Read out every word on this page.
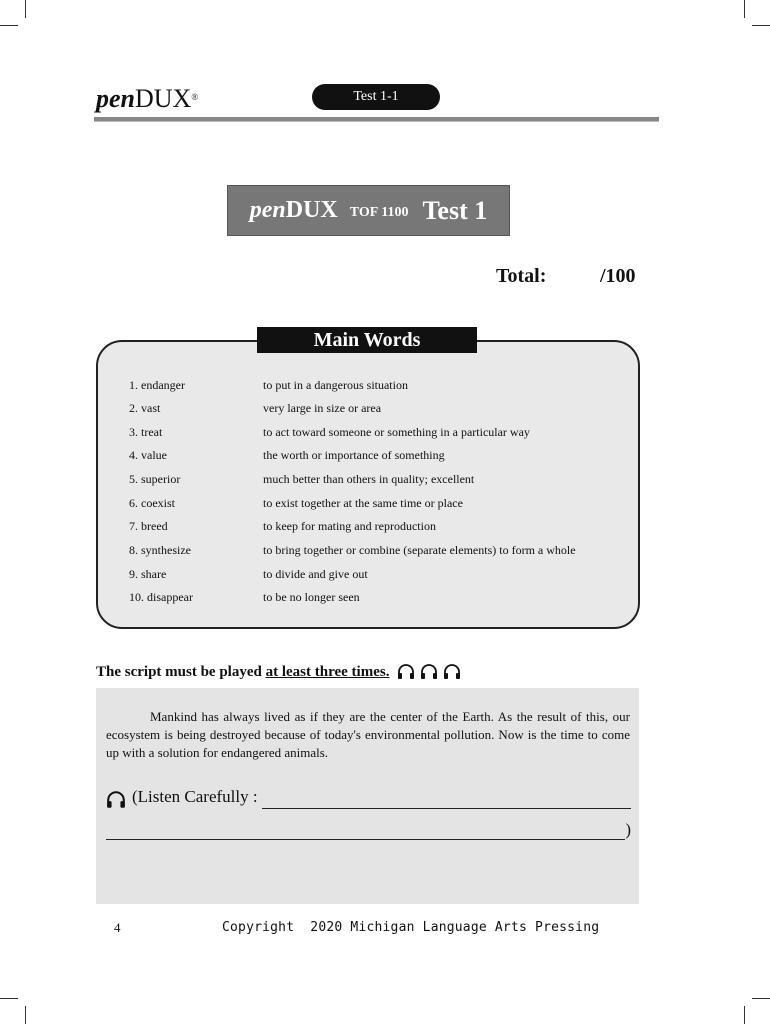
penDUX®	Test 1-1
pen DUX TOF 1100 Test 1
Total:	/100
1. endanger	to put in a dangerous situation
2. vast	very large in size or area
3. treat	to act toward someone or something in a particular way
4. value	the worth or importance of something
5. superior	much better than others in quality; excellent
6. coexist	to exist together at the same time or place
7. breed	to keep for mating and reproduction
8. synthesize	to bring together or combine (separate elements) to form a whole
9. share	to divide and give out
10. disappear	to be no longer seen
Main Words
The script must be played at least three times.
Mankind has always lived as if they are the center of the Earth. As the result of this, our ecosystem is being destroyed because of today's environmental pollution. Now is the time to come up with a solution for endangered animals.
(Listen Carefully :
)
4	Copyright  2020 Michigan Language Arts Pressing
